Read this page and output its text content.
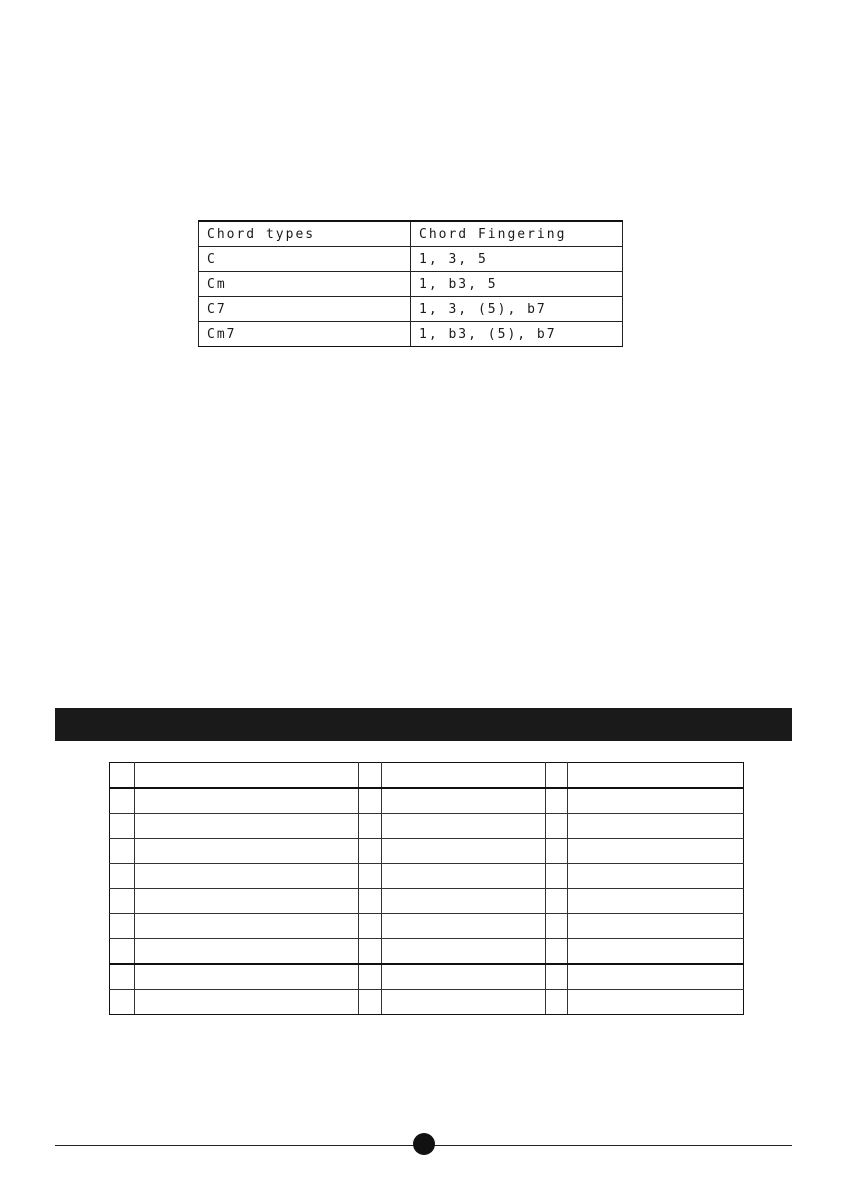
Chord types	Chord Fingering
C	1, 3, 5
Cm	1, b3, 5
C7	1, 3, (5), b7
Cm7	1, b3, (5), b7
